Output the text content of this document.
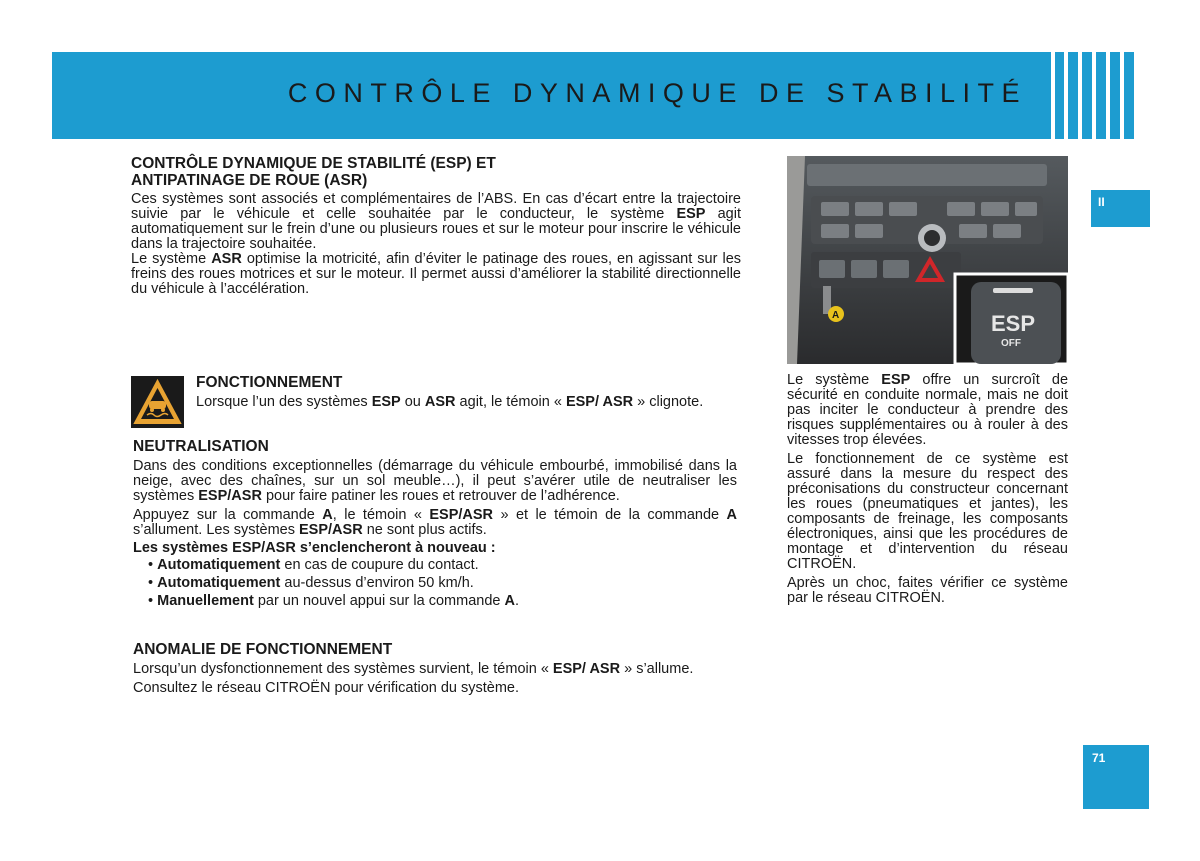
CONTRÔLE DYNAMIQUE DE STABILITÉ
II
71
CONTRÔLE DYNAMIQUE DE STABILITÉ (ESP) ET
ANTIPATINAGE DE ROUE (ASR)

Ces systèmes sont associés et complémentaires de l’ABS. En cas d’écart entre la trajectoire suivie par le véhicule et celle souhaitée par le conducteur, le système ESP agit automatiquement sur le frein d’une ou plusieurs roues et sur le moteur pour inscrire le véhicule dans la trajectoire souhaitée.

Le système ASR optimise la motricité, afin d’éviter le patinage des roues, en agissant sur les freins des roues motrices et sur le moteur. Il permet aussi d’améliorer la stabilité directionnelle du véhicule à l’accélération.

FONCTIONNEMENT

Lorsque l’un des systèmes ESP ou ASR agit, le témoin « ESP/ ASR » clignote.

NEUTRALISATION

Dans des conditions exceptionnelles (démarrage du véhicule embourbé, immobilisé dans la neige, avec des chaînes, sur un sol meuble…), il peut s’avérer utile de neutraliser les systèmes ESP/ASR pour faire patiner les roues et retrouver de l’adhérence.

Appuyez sur la commande A, le témoin « ESP/ASR » et le témoin de la commande A s’allument. Les systèmes ESP/ASR ne sont plus actifs.

Les systèmes ESP/ASR s’enclencheront à nouveau :

• Automatiquement en cas de coupure du contact.
• Automatiquement au-dessus d’environ 50 km/h.
• Manuellement par un nouvel appui sur la commande A.
ANOMALIE DE FONCTIONNEMENT

Lorsqu’un dysfonctionnement des systèmes survient, le témoin « ESP/ ASR » s’allume.

Consultez le réseau CITROËN pour vérification du système.

A	ESP
OFF

Le système ESP offre un surcroît de sécurité en conduite normale, mais ne doit pas inciter le conducteur à prendre des risques supplémentaires ou à rouler à des vitesses trop élevées.

Le fonctionnement de ce système est assuré dans la mesure du respect des préconisations du constructeur concernant les roues (pneumatiques et jantes), les composants de freinage, les composants électroniques, ainsi que les procédures de montage et d’intervention du réseau CITROËN.

Après un choc, faites vérifier ce système par le réseau CITROËN.
